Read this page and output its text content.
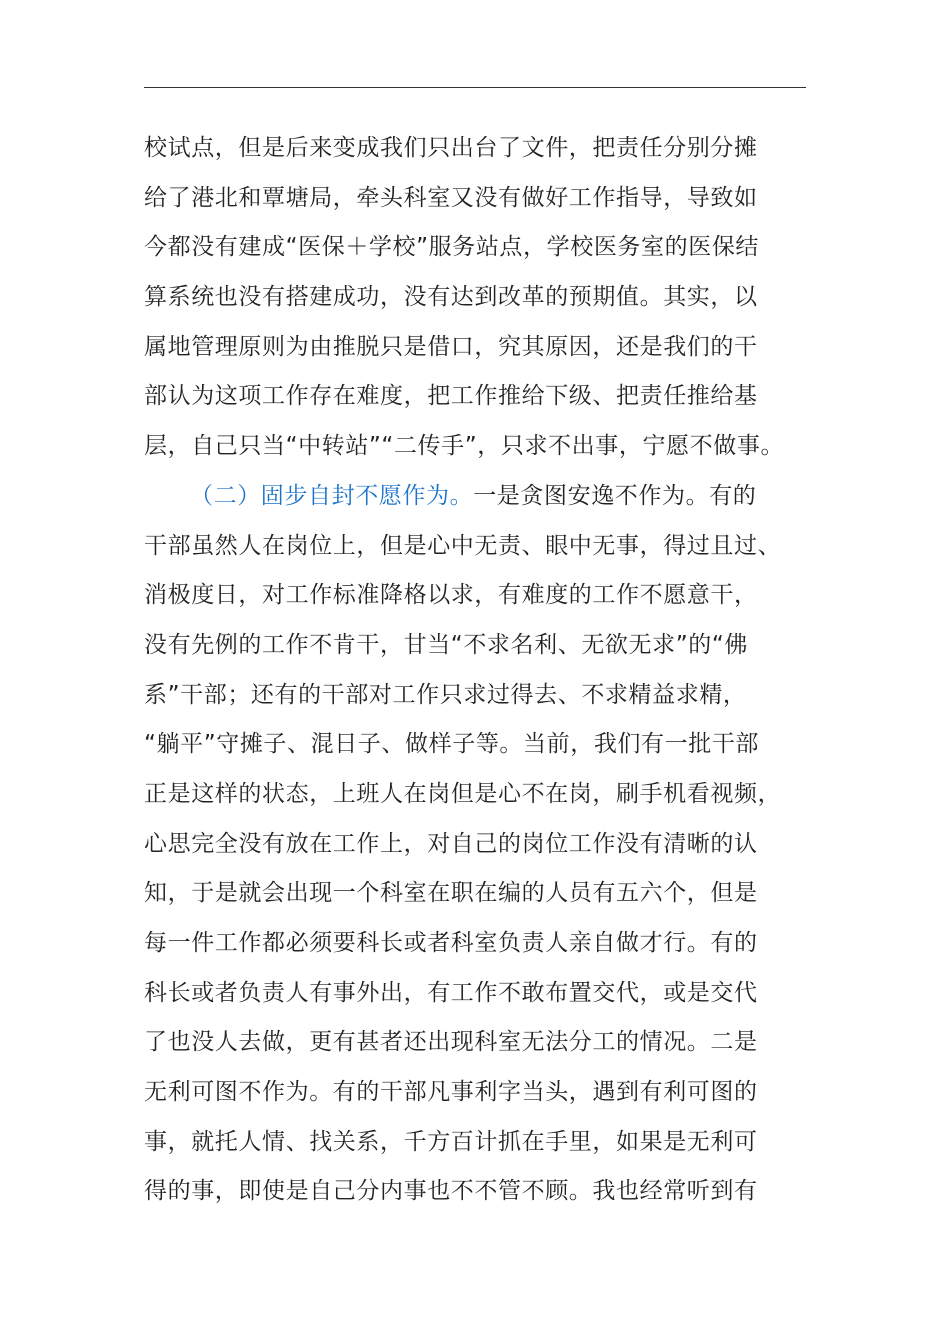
校试点，但是后来变成我们只出台了文件，把责任分别分摊
给了港北和覃塘局，牵头科室又没有做好工作指导，导致如
今都没有建成“医保＋学校”服务站点，学校医务室的医保结
算系统也没有搭建成功，没有达到改革的预期值。其实，以
属地管理原则为由推脱只是借口，究其原因，还是我们的干
部认为这项工作存在难度，把工作推给下级、把责任推给基
层，自己只当“中转站”“二传手”，只求不出事，宁愿不做事。
（二）固步自封不愿作为。一是贪图安逸不作为。有的
干部虽然人在岗位上，但是心中无责、眼中无事，得过且过、
消极度日，对工作标准降格以求，有难度的工作不愿意干，
没有先例的工作不肯干，甘当“不求名利、无欲无求”的“佛
系”干部；还有的干部对工作只求过得去、不求精益求精，
“躺平”守摊子、混日子、做样子等。当前，我们有一批干部
正是这样的状态，上班人在岗但是心不在岗，刷手机看视频，
心思完全没有放在工作上，对自己的岗位工作没有清晰的认
知，于是就会出现一个科室在职在编的人员有五六个，但是
每一件工作都必须要科长或者科室负责人亲自做才行。有的
科长或者负责人有事外出，有工作不敢布置交代，或是交代
了也没人去做，更有甚者还出现科室无法分工的情况。二是
无利可图不作为。有的干部凡事利字当头，遇到有利可图的
事，就托人情、找关系，千方百计抓在手里，如果是无利可
得的事，即使是自己分内事也不不管不顾。我也经常听到有
